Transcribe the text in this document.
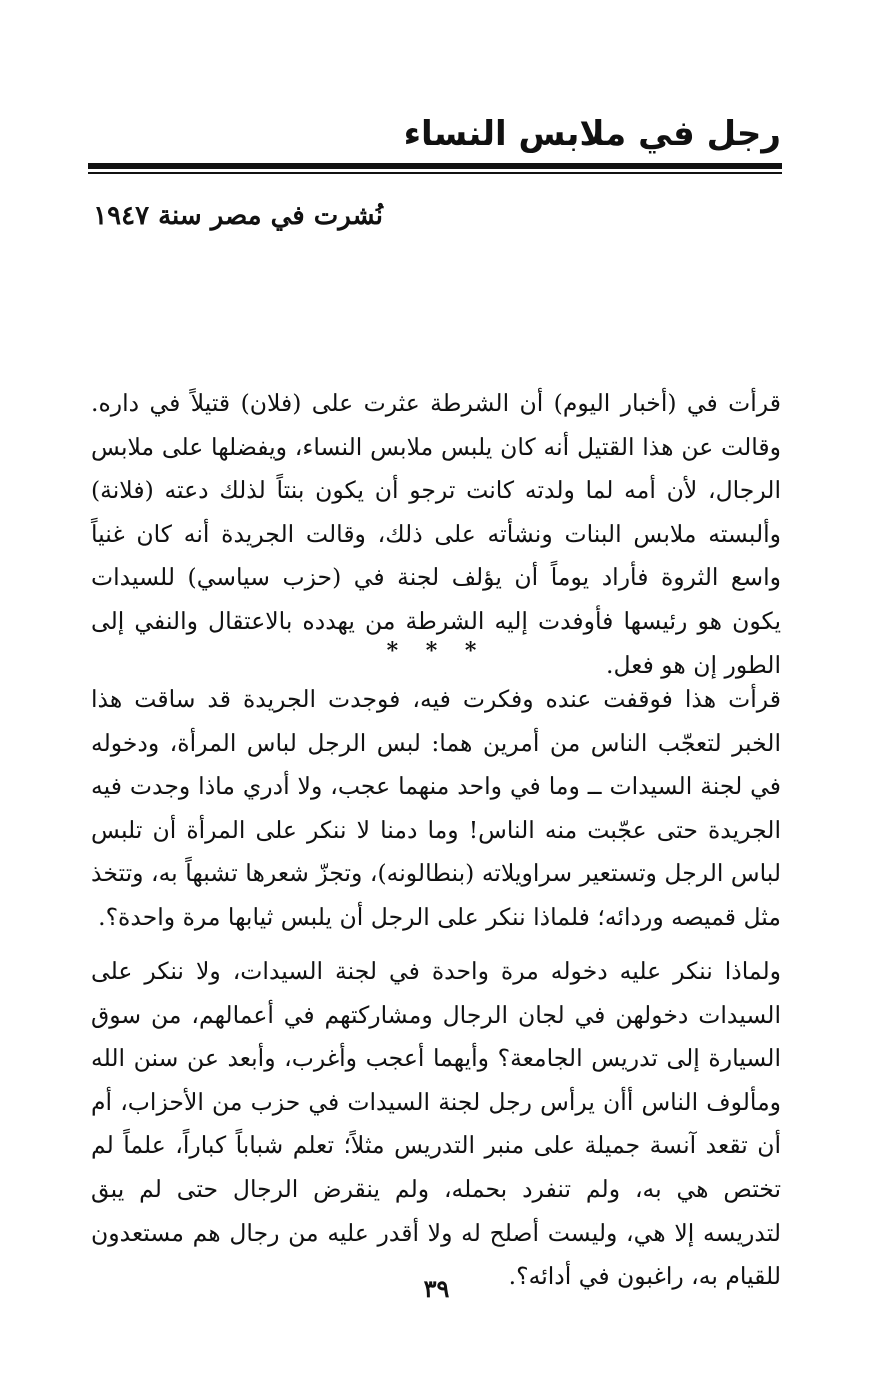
رجل في ملابس النساء
نُشرت في مصر سنة ١٩٤٧

قرأت في (أخبار اليوم) أن الشرطة عثرت على (فلان) قتيلاً في داره. وقالت عن هذا القتيل أنه كان يلبس ملابس النساء، ويفضلها على ملابس الرجال، لأن أمه لما ولدته كانت ترجو أن يكون بنتاً لذلك دعته (فلانة) وألبسته ملابس البنات ونشأته على ذلك، وقالت الجريدة أنه كان غنياً واسع الثروة فأراد يوماً أن يؤلف لجنة في (حزب سياسي) للسيدات يكون هو رئيسها فأوفدت إليه الشرطة من يهدده بالاعتقال والنفي إلى الطور إن هو فعل.

* * *

قرأت هذا فوقفت عنده وفكرت فيه، فوجدت الجريدة قد ساقت هذا الخبر لتعجّب الناس من أمرين هما: لبس الرجل لباس المرأة، ودخوله في لجنة السيدات ــ وما في واحد منهما عجب، ولا أدري ماذا وجدت فيه الجريدة حتى عجّبت منه الناس! وما دمنا لا ننكر على المرأة أن تلبس لباس الرجل وتستعير سراويلاته (بنطالونه)، وتجزّ شعرها تشبهاً به، وتتخذ مثل قميصه وردائه؛ فلماذا ننكر على الرجل أن يلبس ثيابها مرة واحدة؟.

ولماذا ننكر عليه دخوله مرة واحدة في لجنة السيدات، ولا ننكر على السيدات دخولهن في لجان الرجال ومشاركتهم في أعمالهم، من سوق السيارة إلى تدريس الجامعة؟ وأيهما أعجب وأغرب، وأبعد عن سنن الله ومألوف الناس أأن يرأس رجل لجنة السيدات في حزب من الأحزاب، أم أن تقعد آنسة جميلة على منبر التدريس مثلاً؛ تعلم شباباً كباراً، علماً لم تختص هي به، ولم تنفرد بحمله، ولم ينقرض الرجال حتى لم يبق لتدريسه إلا هي، وليست أصلح له ولا أقدر عليه من رجال هم مستعدون للقيام به، راغبون في أدائه؟.

٣٩
